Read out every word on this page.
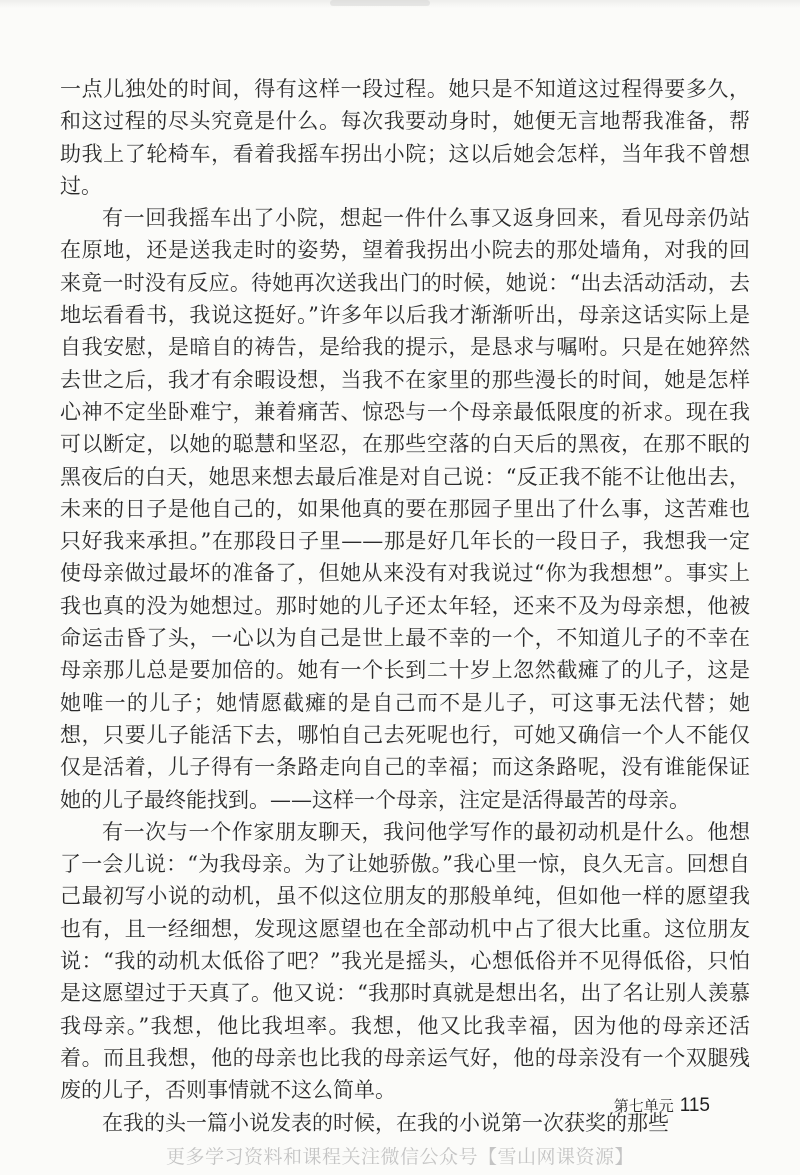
一点儿独处的时间，得有这样一段过程。她只是不知道这过程得要多久，和这过程的尽头究竟是什么。每次我要动身时，她便无言地帮我准备，帮助我上了轮椅车，看着我摇车拐出小院；这以后她会怎样，当年我不曾想过。

有一回我摇车出了小院，想起一件什么事又返身回来，看见母亲仍站在原地，还是送我走时的姿势，望着我拐出小院去的那处墙角，对我的回来竟一时没有反应。待她再次送我出门的时候，她说：“出去活动活动，去地坛看看书，我说这挺好。”许多年以后我才渐渐听出，母亲这话实际上是自我安慰，是暗自的祷告，是给我的提示，是恳求与嘱咐。只是在她猝然去世之后，我才有余暇设想，当我不在家里的那些漫长的时间，她是怎样心神不定坐卧难宁，兼着痛苦、惊恐与一个母亲最低限度的祈求。现在我可以断定，以她的聪慧和坚忍，在那些空落的白天后的黑夜，在那不眠的黑夜后的白天，她思来想去最后准是对自己说：“反正我不能不让他出去，未来的日子是他自己的，如果他真的要在那园子里出了什么事，这苦难也只好我来承担。”在那段日子里——那是好几年长的一段日子，我想我一定使母亲做过最坏的准备了，但她从来没有对我说过“你为我想想”。事实上我也真的没为她想过。那时她的儿子还太年轻，还来不及为母亲想，他被命运击昏了头，一心以为自己是世上最不幸的一个，不知道儿子的不幸在母亲那儿总是要加倍的。她有一个长到二十岁上忽然截瘫了的儿子，这是她唯一的儿子；她情愿截瘫的是自己而不是儿子，可这事无法代替；她想，只要儿子能活下去，哪怕自己去死呢也行，可她又确信一个人不能仅仅是活着，儿子得有一条路走向自己的幸福；而这条路呢，没有谁能保证她的儿子最终能找到。——这样一个母亲，注定是活得最苦的母亲。

有一次与一个作家朋友聊天，我问他学写作的最初动机是什么。他想了一会儿说：“为我母亲。为了让她骄傲。”我心里一惊，良久无言。回想自己最初写小说的动机，虽不似这位朋友的那般单纯，但如他一样的愿望我也有，且一经细想，发现这愿望也在全部动机中占了很大比重。这位朋友说：“我的动机太低俗了吧？”我光是摇头，心想低俗并不见得低俗，只怕是这愿望过于天真了。他又说：“我那时真就是想出名，出了名让别人羡慕我母亲。”我想，他比我坦率。我想，他又比我幸福，因为他的母亲还活着。而且我想，他的母亲也比我的母亲运气好，他的母亲没有一个双腿残废的儿子，否则事情就不这么简单。

在我的头一篇小说发表的时候，在我的小说第一次获奖的那些

第七单元 115
更多学习资料和课程关注微信公众号【雪山网课资源】
